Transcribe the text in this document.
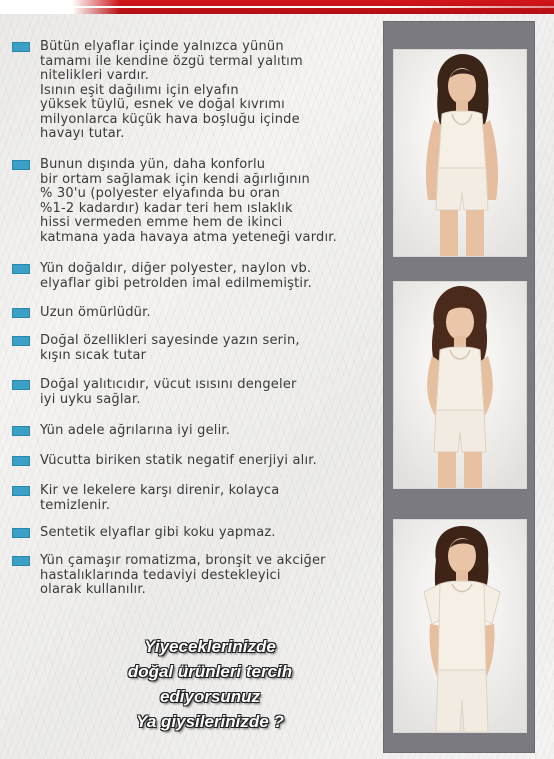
Bütün elyaflar içinde yalnızca yünün
tamamı ile kendine özgü termal yalıtım
nitelikleri vardır.
Isının eşit dağılımı için elyafın
yüksek tüylü, esnek ve doğal kıvrımı
milyonlarca küçük hava boşluğu içinde
havayı tutar.
Bunun dışında yün, daha konforlu
bir ortam sağlamak için kendi ağırlığının
% 30'u (polyester elyafında bu oran
%1-2 kadardır) kadar teri hem ıslaklık
hissi vermeden emme hem de ikinci
katmana yada havaya atma yeteneği vardır.
Yün doğaldır, diğer polyester, naylon vb.
elyaflar gibi petrolden imal edilmemiştir.
Uzun ömürlüdür.
Doğal özellikleri sayesinde yazın serin,
kışın sıcak tutar
Doğal yalıtıcıdır, vücut ısısını dengeler
iyi uyku sağlar.
Yün adele ağrılarına iyi gelir.
Vücutta biriken statik negatif enerjiyi alır.
Kir ve lekelere karşı direnir, kolayca
temizlenir.
Sentetik elyaflar gibi koku yapmaz.
Yün çamaşır romatizma, bronşit ve akciğer
hastalıklarında tedaviyi destekleyici
olarak kullanılır.
Yiyeceklerinizde
doğal ürünleri tercih
ediyorsunuz
Ya giysilerinizde ?
